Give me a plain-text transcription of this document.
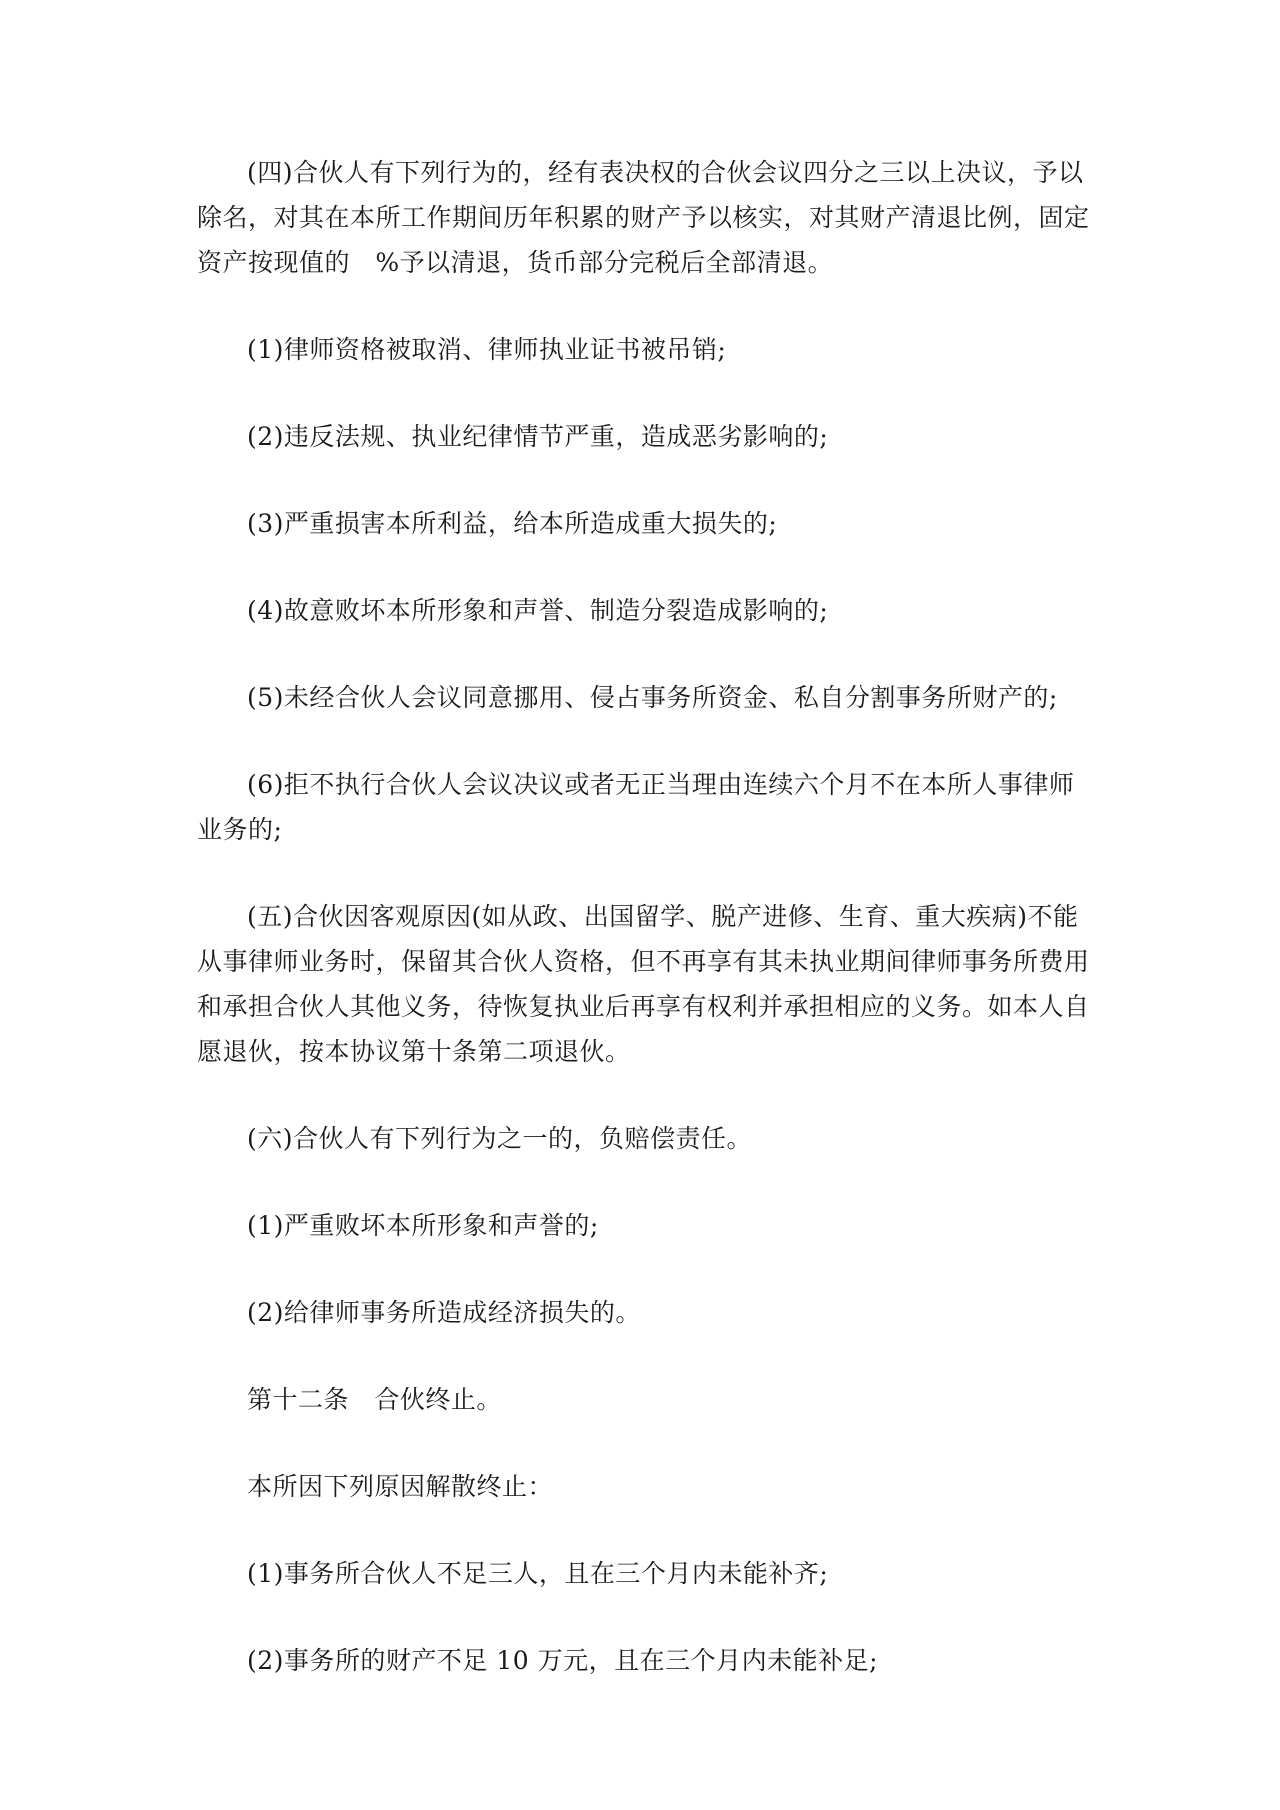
(四)合伙人有下列行为的，经有表决权的合伙会议四分之三以上决议，予以除名，对其在本所工作期间历年积累的财产予以核实，对其财产清退比例，固定资产按现值的   %予以清退，货币部分完税后全部清退。

(1)律师资格被取消、律师执业证书被吊销;

(2)违反法规、执业纪律情节严重，造成恶劣影响的;

(3)严重损害本所利益，给本所造成重大损失的;

(4)故意败坏本所形象和声誉、制造分裂造成影响的;

(5)未经合伙人会议同意挪用、侵占事务所资金、私自分割事务所财产的;

(6)拒不执行合伙人会议决议或者无正当理由连续六个月不在本所人事律师业务的;

(五)合伙因客观原因(如从政、出国留学、脱产进修、生育、重大疾病)不能从事律师业务时，保留其合伙人资格，但不再享有其未执业期间律师事务所费用和承担合伙人其他义务，待恢复执业后再享有权利并承担相应的义务。如本人自愿退伙，按本协议第十条第二项退伙。

(六)合伙人有下列行为之一的，负赔偿责任。

(1)严重败坏本所形象和声誉的;

(2)给律师事务所造成经济损失的。

第十二条   合伙终止。

本所因下列原因解散终止：

(1)事务所合伙人不足三人，且在三个月内未能补齐;

(2)事务所的财产不足 10 万元，且在三个月内未能补足;
